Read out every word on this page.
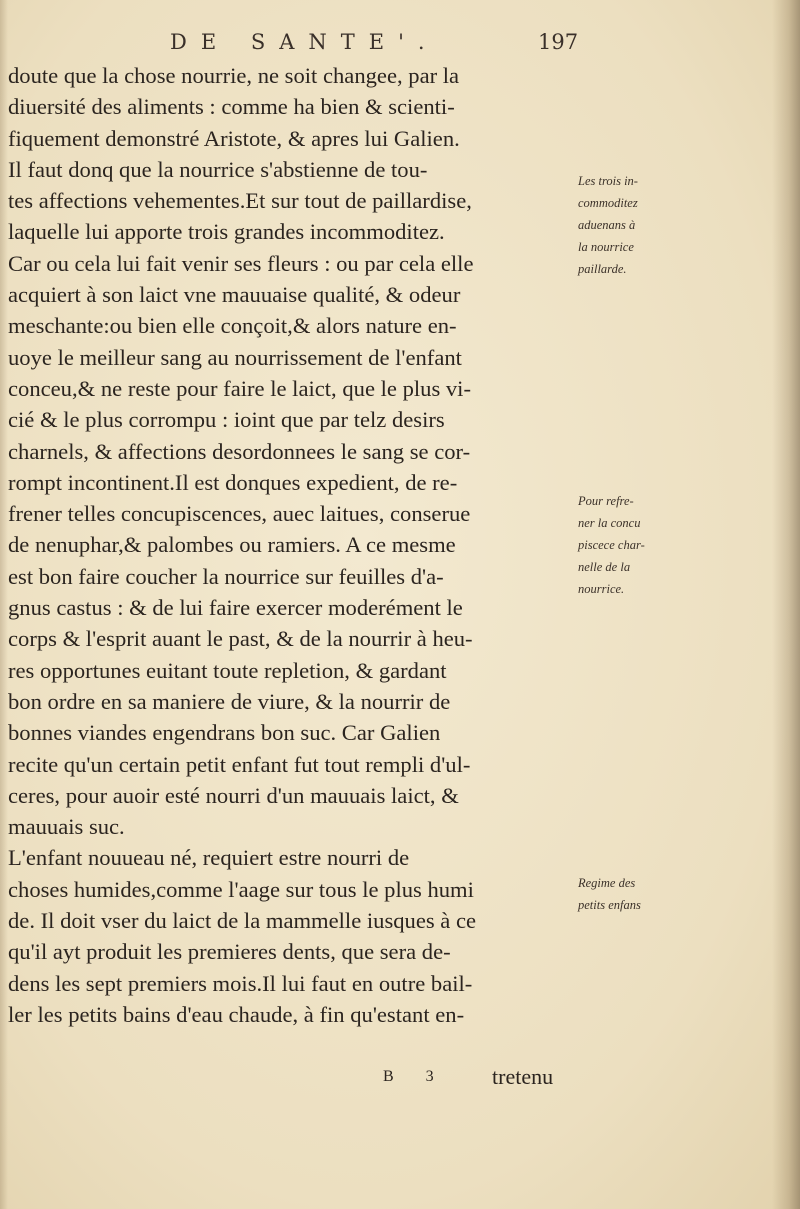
DE SANTE'.	197
doute que la chose nourrie, ne soit changee, par la
diuersité des aliments : comme ha bien & scienti-
fiquement demonstré Aristote, & apres lui Galien.
Il faut donq que la nourrice s'abstienne de tou-
tes affections vehementes.Et sur tout de paillardise,
laquelle lui apporte trois grandes incommoditez.
Car ou cela lui fait venir ses fleurs : ou par cela elle
acquiert à son laict vne mauuaise qualité, & odeur
meschante:ou bien elle conçoit,& alors nature en-
uoye le meilleur sang au nourrissement de l'enfant
conceu,& ne reste pour faire le laict, que le plus vi-
cié & le plus corrompu : ioint que par telz desirs
charnels, & affections desordonnees le sang se cor-
rompt incontinent.Il est donques expedient, de re-
frener telles concupiscences, auec laitues, conserue
de nenuphar,& palombes ou ramiers. A ce mesme
est bon faire coucher la nourrice sur feuilles d'a-
gnus castus : & de lui faire exercer moderément le
corps & l'esprit auant le past, & de la nourrir à heu-
res opportunes euitant toute repletion, & gardant
bon ordre en sa maniere de viure, & la nourrir de
bonnes viandes engendrans bon suc. Car Galien
recite qu'un certain petit enfant fut tout rempli d'ul-
ceres, pour auoir esté nourri d'un mauuais laict, &
mauuais suc.
L'enfant nouueau né, requiert estre nourri de
choses humides,comme l'aage sur tous le plus humi
de. Il doit vser du laict de la mammelle iusques à ce
qu'il ayt produit les premieres dents, que sera de-
dens les sept premiers mois.Il lui faut en outre bail-
ler les petits bains d'eau chaude, à fin qu'estant en-
Les trois in-
commoditez
aduenans à
la nourrice
paillarde.
Pour refre-
ner la concu
piscece char-
nelle de la
nourrice.
Regime des
petits enfans
B 3 tretenu
